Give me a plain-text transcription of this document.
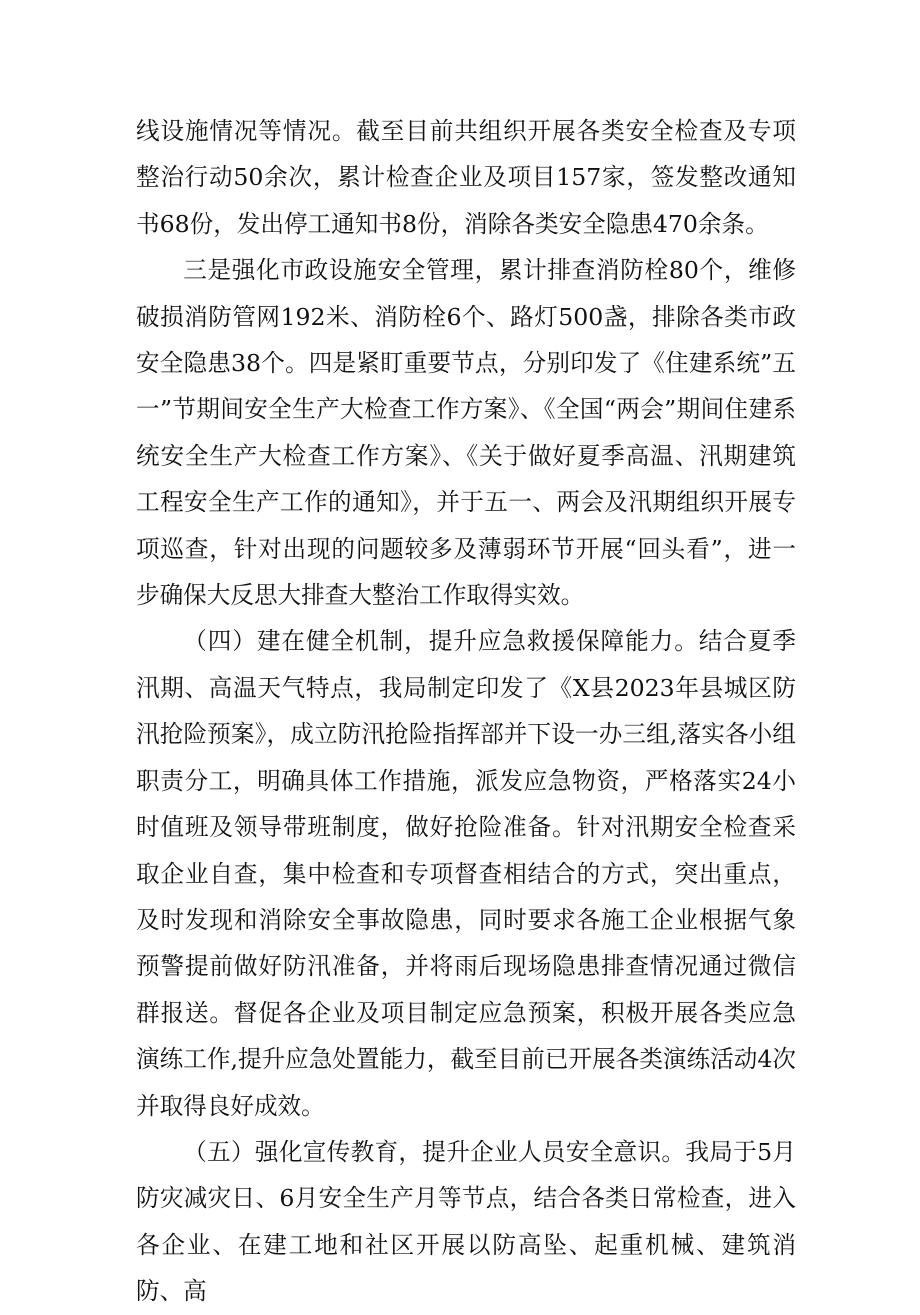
线设施情况等情况。截至目前共组织开展各类安全检查及专项整治行动50余次，累计检查企业及项目157家，签发整改通知书68份，发出停工通知书8份，消除各类安全隐患470余条。

三是强化市政设施安全管理，累计排查消防栓80个，维修破损消防管网192米、消防栓6个、路灯500盏，排除各类市政安全隐患38个。四是紧盯重要节点，分别印发了《住建系统”五一”节期间安全生产大检查工作方案》、《全国“两会”期间住建系统安全生产大检查工作方案》、《关于做好夏季高温、汛期建筑工程安全生产工作的通知》，并于五一、两会及汛期组织开展专项巡查，针对出现的问题较多及薄弱环节开展“回头看”，进一步确保大反思大排查大整治工作取得实效。

（四）建在健全机制，提升应急救援保障能力。结合夏季汛期、高温天气特点，我局制定印发了《X县2023年县城区防汛抢险预案》，成立防汛抢险指挥部并下设一办三组,落实各小组职责分工，明确具体工作措施，派发应急物资，严格落实24小时值班及领导带班制度，做好抢险准备。针对汛期安全检查采取企业自查，集中检查和专项督查相结合的方式，突出重点，及时发现和消除安全事故隐患，同时要求各施工企业根据气象预警提前做好防汛准备，并将雨后现场隐患排查情况通过微信群报送。督促各企业及项目制定应急预案，积极开展各类应急演练工作,提升应急处置能力，截至目前已开展各类演练活动4次并取得良好成效。

（五）强化宣传教育，提升企业人员安全意识。我局于5月防灾减灾日、6月安全生产月等节点，结合各类日常检查，进入各企业、在建工地和社区开展以防高坠、起重机械、建筑消防、高
